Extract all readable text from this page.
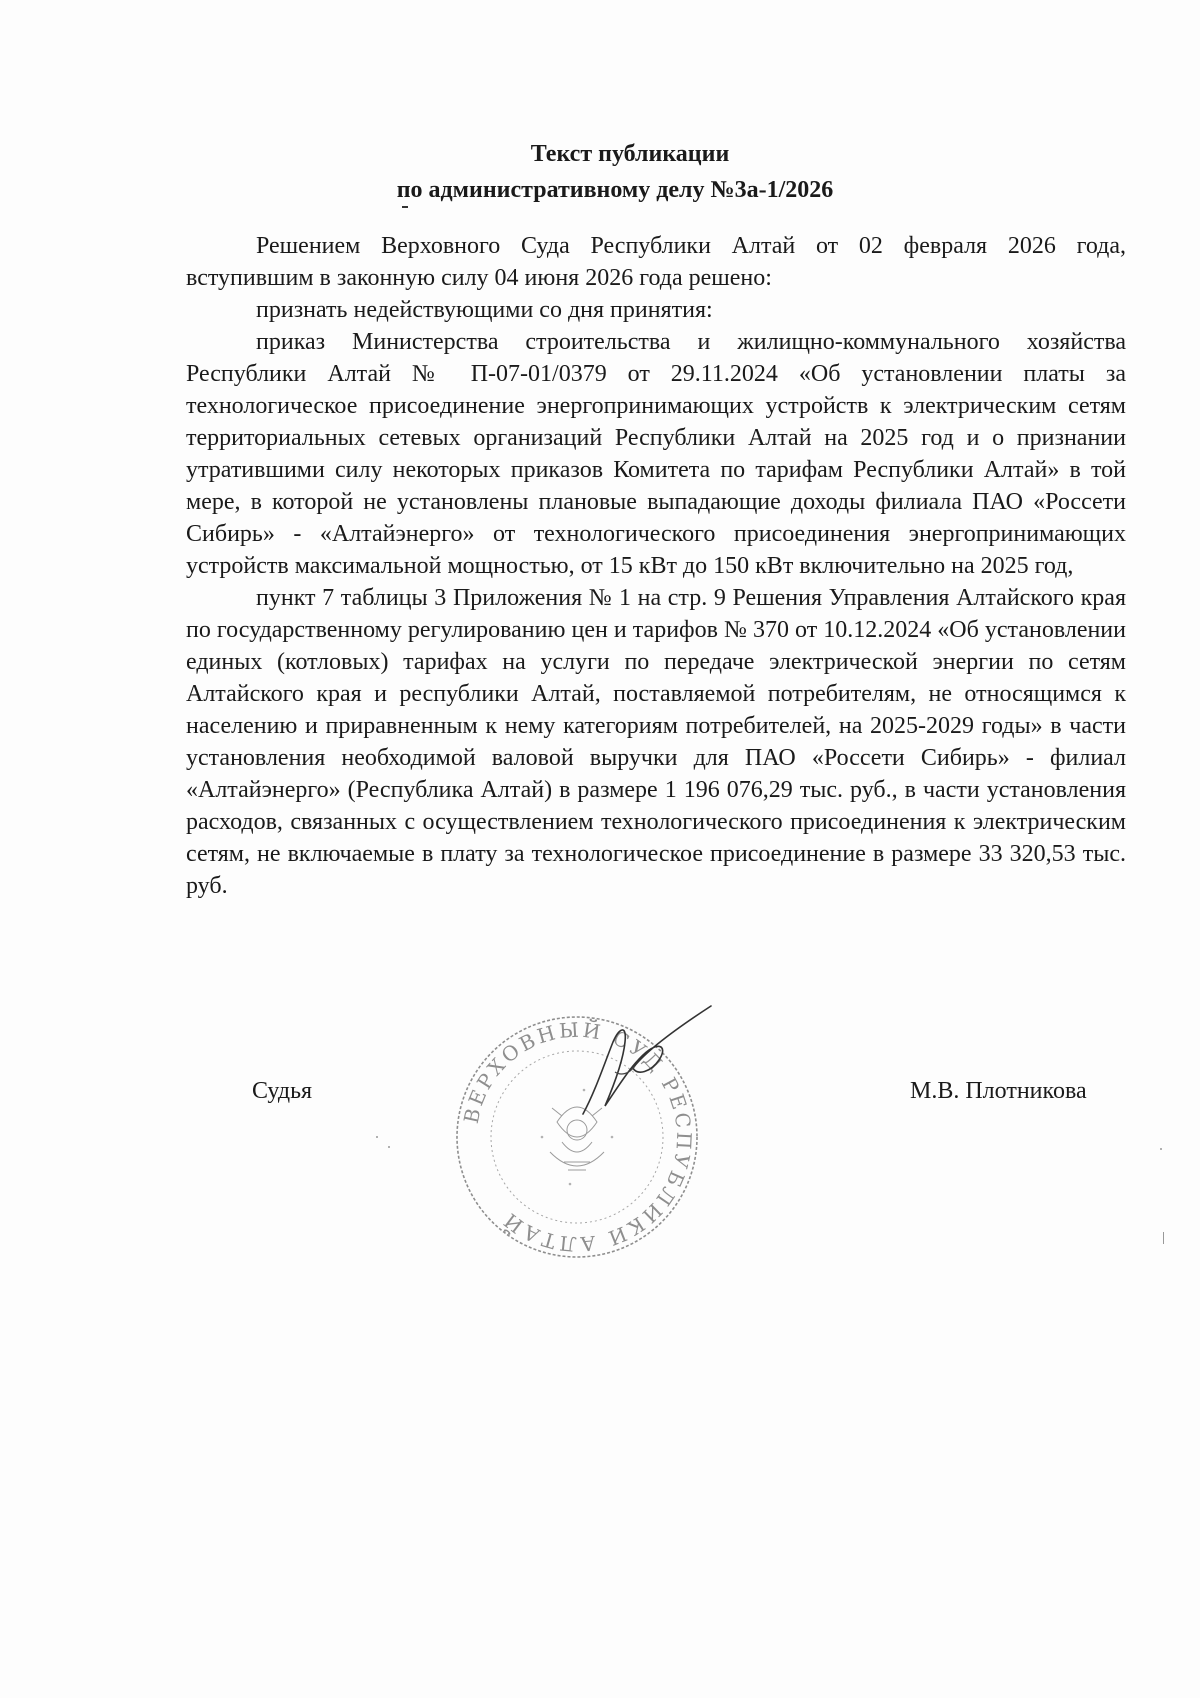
Текст публикации
по административному делу №3а-1/2026

Решением Верховного Суда Республики Алтай от 02 февраля 2026 года, вступившим в законную силу 04 июня 2026 года решено:

признать недействующими со дня принятия:

приказ Министерства строительства и жилищно-коммунального хозяйства Республики Алтай № П-07-01/0379 от 29.11.2024 «Об установлении платы за технологическое присоединение энергопринимающих устройств к электрическим сетям территориальных сетевых организаций Республики Алтай на 2025 год и о признании утратившими силу некоторых приказов Комитета по тарифам Республики Алтай» в той мере, в которой не установлены плановые выпадающие доходы филиала ПАО «Россети Сибирь» - «Алтайэнерго» от технологического присоединения энергопринимающих устройств максимальной мощностью, от 15 кВт до 150 кВт включительно на 2025 год,

пункт 7 таблицы 3 Приложения № 1 на стр. 9 Решения Управления Алтайского края по государственному регулированию цен и тарифов № 370 от 10.12.2024 «Об установлении единых (котловых) тарифах на услуги по передаче электрической энергии по сетям Алтайского края и республики Алтай, поставляемой потребителям, не относящимся к населению и приравненным к нему категориям потребителей, на 2025-2029 годы» в части установления необходимой валовой выручки для ПАО «Россети Сибирь» - филиал «Алтайэнерго» (Республика Алтай) в размере 1 196 076,29 тыс. руб., в части установления расходов, связанных с осуществлением технологического присоединения к электрическим сетям, не включаемые в плату за технологическое присоединение в размере 33 320,53 тыс. руб.

Судья	М.В. Плотникова
ВЕРХОВНЫЙ СУД РЕСПУБЛИКИ АЛТАЙ
